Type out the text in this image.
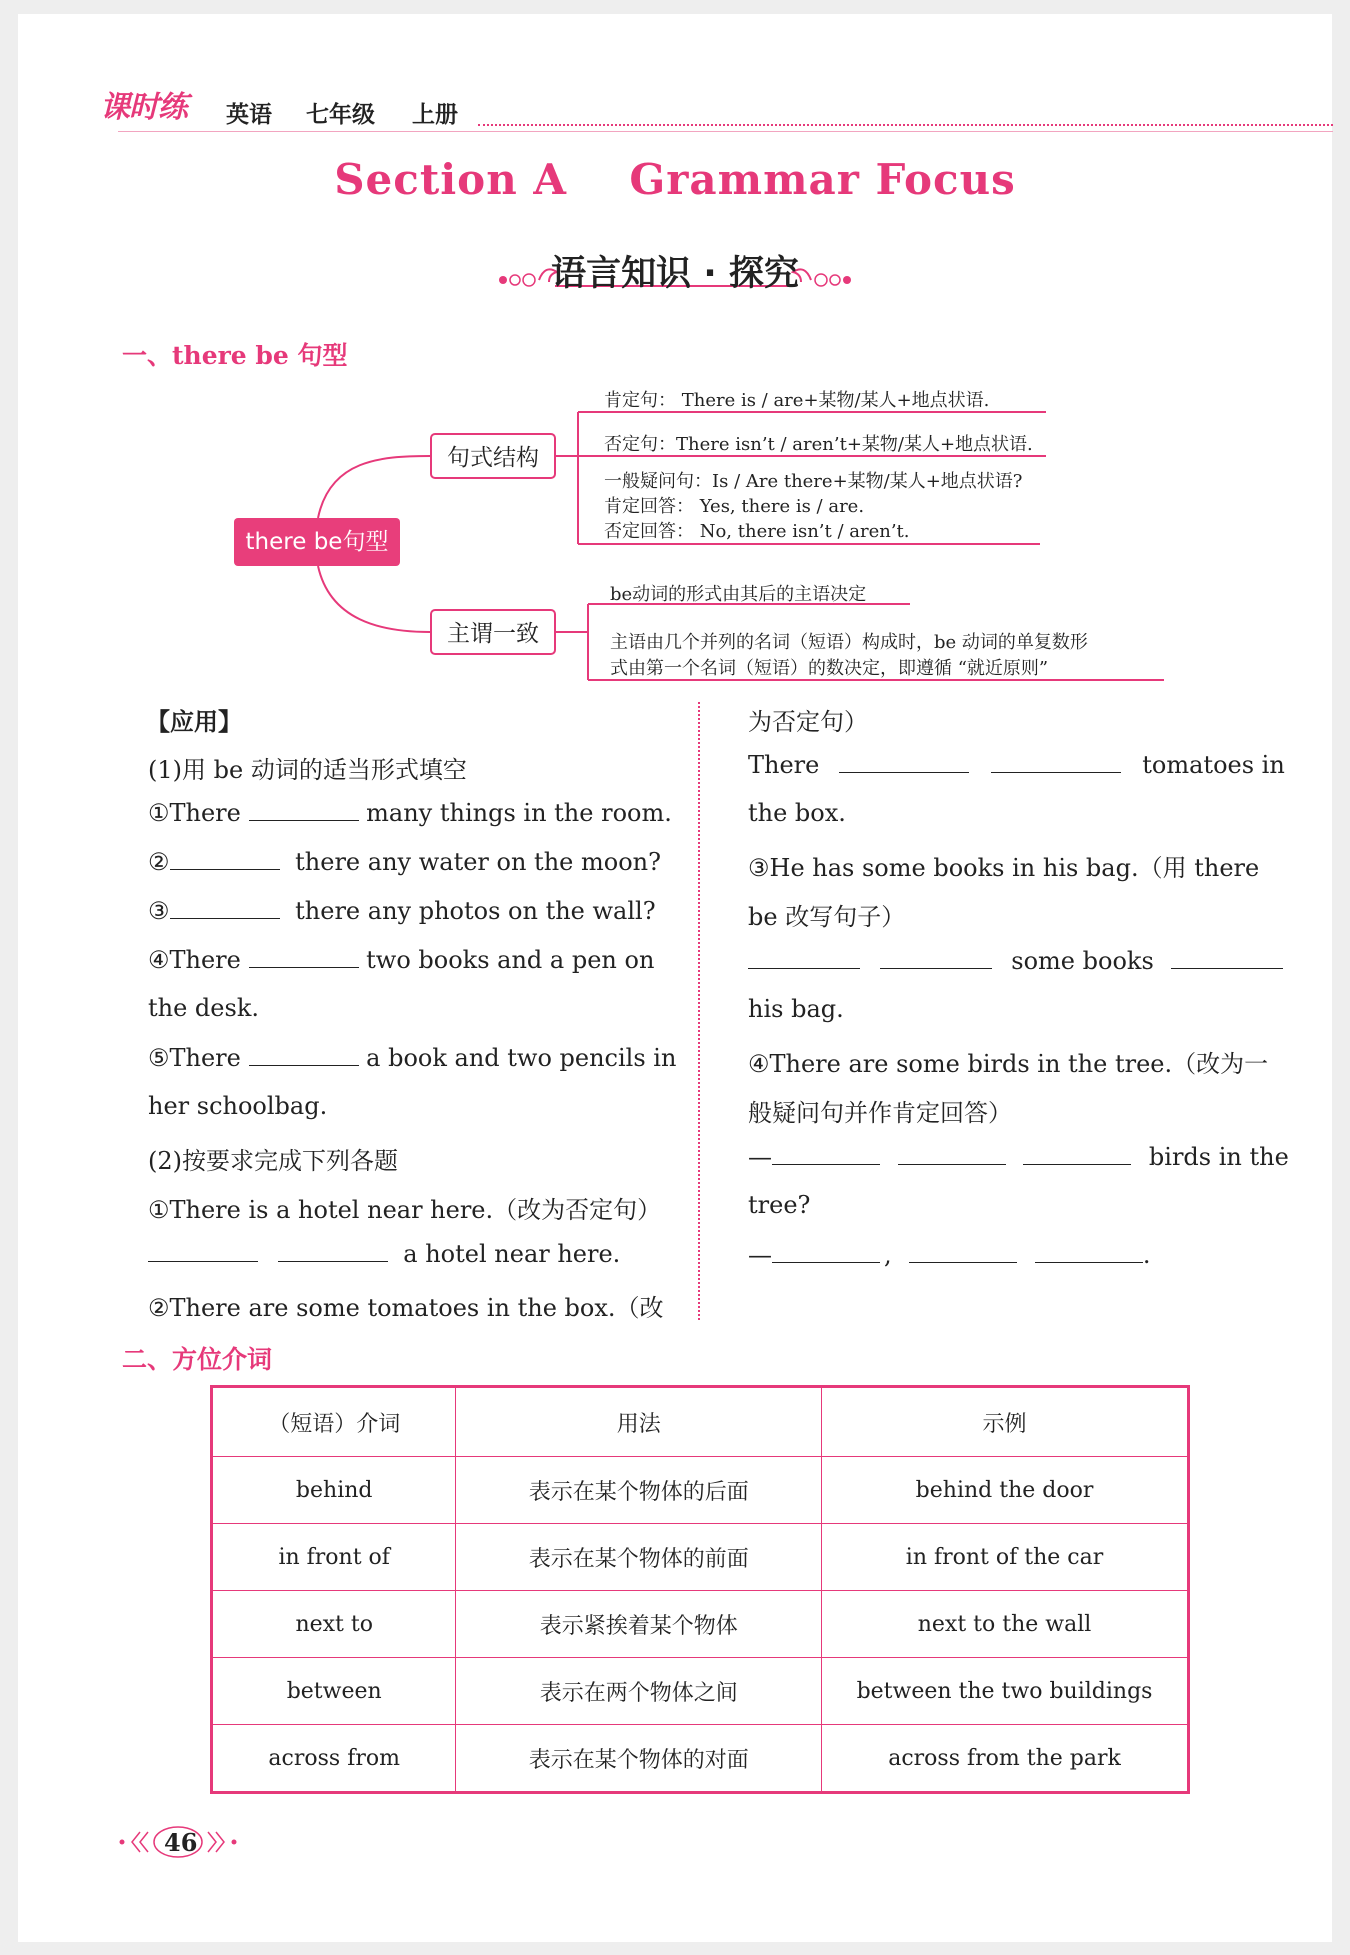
课时练 英语 七年级 上册
Section A    Grammar Focus
语言知识 · 探究
一、there be 句型
there be句型
句式结构
主谓一致
肯定句： There is / are+某物/某人+地点状语.
否定句：There isn’t / aren’t+某物/某人+地点状语.
一般疑问句：Is / Are there+某物/某人+地点状语?
肯定回答： Yes, there is / are.
否定回答： No, there isn’t / aren’t.
be动词的形式由其后的主语决定
主语由几个并列的名词（短语）构成时，be 动词的单复数形
式由第一个名词（短语）的数决定，即遵循 “就近原则”
【应用】
(1)用 be 动词的适当形式填空
①There	many things in the room.
②	there any water on the moon?
③	there any photos on the wall?
④There	two books and a pen on
the desk.
⑤There	a book and two pencils in
her schoolbag.
(2)按要求完成下列各题
①There is a hotel near here.（改为否定句）
a hotel near here.
②There are some tomatoes in the box.（改
为否定句）
There	tomatoes in
the box.
③He has some books in his bag.（用 there
be 改写句子）
some books
his bag.
④There are some birds in the tree.（改为一
般疑问句并作肯定回答）
—	birds in the
tree?
—	,	.
二、方位介词
（短语）介词	用法	示例
behind	表示在某个物体的后面	behind the door
in front of	表示在某个物体的前面	in front of the car
next to	表示紧挨着某个物体	next to the wall
between	表示在两个物体之间	between the two buildings
across from	表示在某个物体的对面	across from the park
46
